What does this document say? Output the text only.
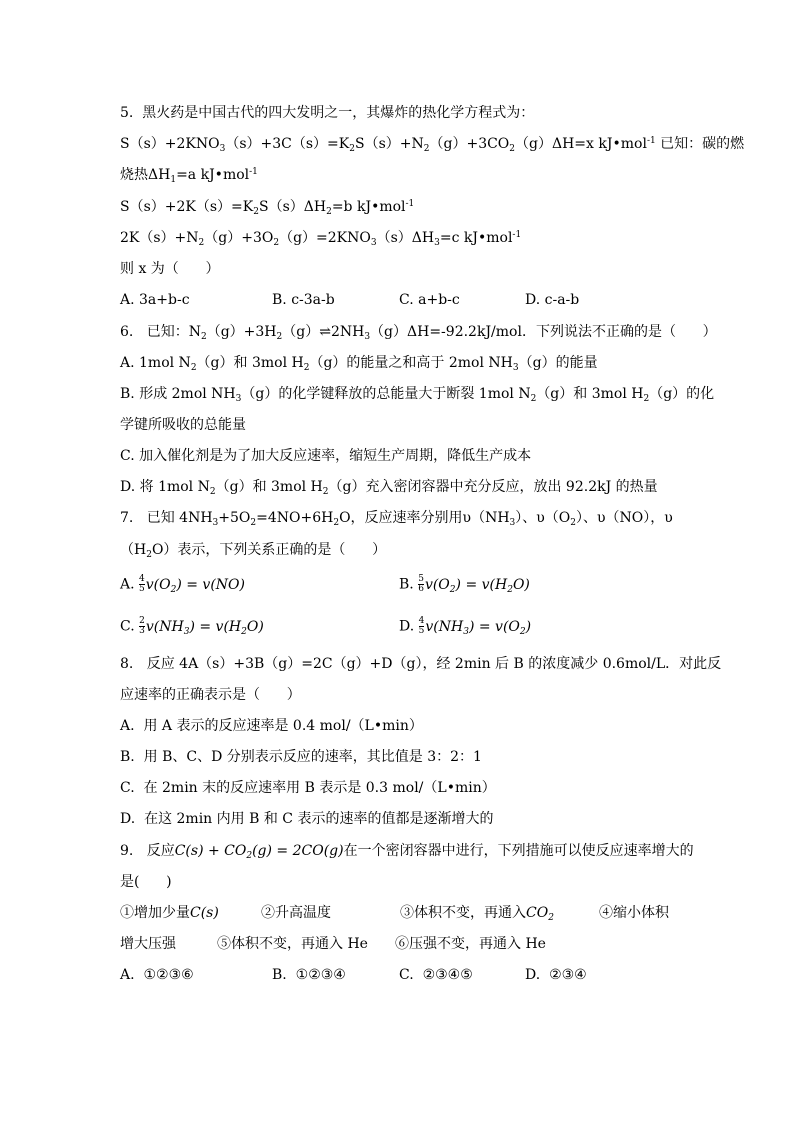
5.  黑火药是中国古代的四大发明之一，其爆炸的热化学方程式为：
$S(s)+2KNO_3(s)+3C(s)=K_2S(s)+N_2(g)+3CO_2(g)\Delta H=x$ kJ•mol$^{-1}$ 已知：碳的燃
烧热$\Delta H_1=a$ kJ•mol$^{-1}$
$S(s)+2K(s)=K_2S(s)\Delta H_2=b$ kJ•mol$^{-1}$
$2K(s)+N_2(g)+3O_2(g)=2KNO_3(s)\Delta H_3=c$ kJ•mol$^{-1}$
则 x 为（      ）
A. 3a+b-c	B. c-3a-b	C. a+b-c	D. c-a-b
6.   已知：$N_2(g)+3H_2(g)\rightleftharpoons 2NH_3(g)\Delta H=-92.2kJ$/mol．下列说法不正确的是（      ）
A. 1mol $N_2(g)$和 3mol $H_2(g)$的能量之和高于 2mol $NH_3(g)$的能量
B. 形成 2mol $NH_3(g)$的化学键释放的总能量大于断裂 1mol $N_2(g)$和 3mol $H_2(g)$的化
学键所吸收的总能量
C. 加入催化剂是为了加大反应速率，缩短生产周期，降低生产成本
D. 将 1mol $N_2(g)$和 3mol $H_2(g)$充入密闭容器中充分反应，放出 92.2kJ 的热量
7.   已知 $4NH_3+5O_2=4NO+6H_2O$，反应速率分别用$\upsilon(NH_3)$、$\upsilon(O_2)$、υ（NO），υ
$(H_2O)$表示，下列关系正确的是（      ）
A. $\frac{4}{5} v(O_2) = v(NO)$	B. $\frac{5}{6} v(O_2) = v(H_2O)$
C. $\frac{2}{3} v(NH_3) = v(H_2O)$	D. $\frac{4}{5} v(NH_3) = v(O_2)$
8.   反应 4A（s）+3B（g）=2C（g）+D（g），经 2min 后 B 的浓度减少 0.6mol/L．对此反
应速率的正确表示是（      ）
A.  用 A 表示的反应速率是 0.4 mol/（L•min）
B.  用 B、C、D 分别表示反应的速率，其比值是 3：2：1
C.  在 2min 末的反应速率用 B 表示是 0.3 mol/（L•min）
D.  在这 2min 内用 B 和 C 表示的速率的值都是逐渐增大的
9.   反应$C(s) + CO_2(g) = 2CO(g)$在一个密闭容器中进行，下列措施可以使反应速率增大的
是(      )
①增加少量C(s)	②升高温度	③体积不变，再通入$CO_2$	④缩小体积
增大压强	⑤体积不变，再通入 He ⑥压强不变，再通入 He
A.  ①②③⑥	B.  ①②③④	C.  ②③④⑤	D.  ②③④
